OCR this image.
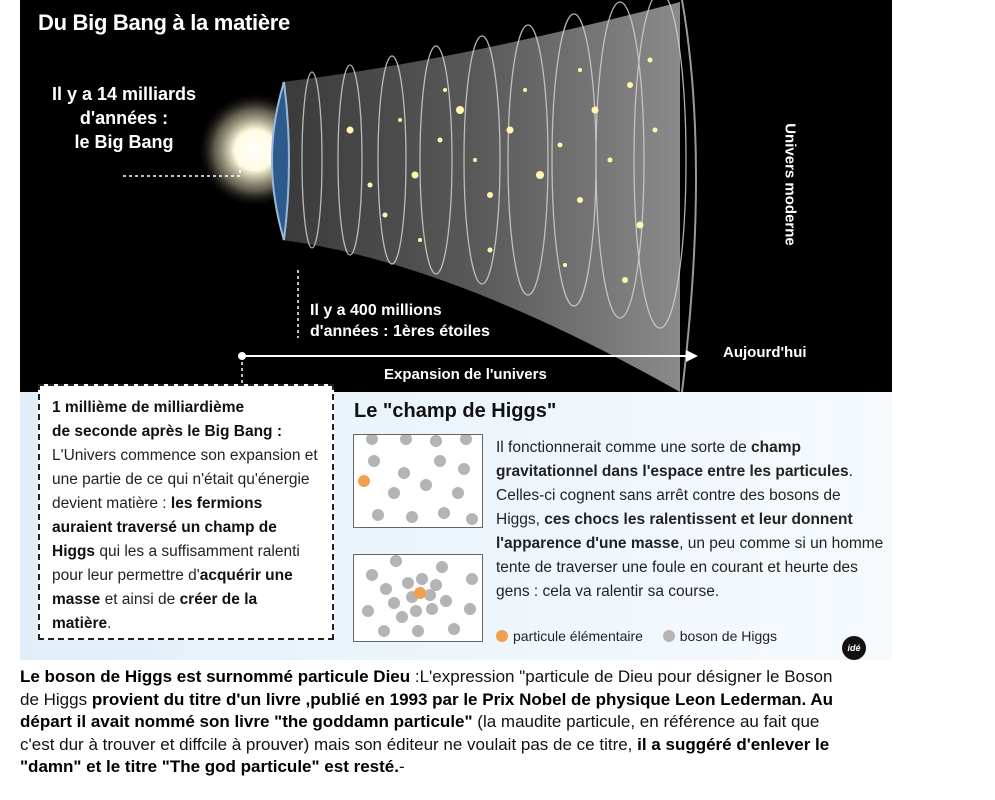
Du Big Bang à la matière
Il y a 14 milliards
d'années :
le Big Bang
Il y a 400 millions
d'années : 1ères étoiles
Univers moderne
Aujourd'hui
Expansion de l'univers
1 millième de milliardième
de seconde après le Big Bang :
L'Univers commence son expansion et une partie de ce qui n'était qu'énergie devient matière : les fermions auraient traversé un champ de Higgs qui les a suffisamment ralenti pour leur permettre d'acquérir une masse et ainsi de créer de la matière.
Le "champ de Higgs"
Il fonctionnerait comme une sorte de champ gravitationnel dans l'espace entre les particules. Celles-ci cognent sans arrêt contre des bosons de Higgs, ces chocs les ralentissent et leur donnent l'apparence d'une masse, un peu comme si un homme tente de traverser une foule en courant et heurte des gens : cela va ralentir sa course.
particule élémentaire	boson de Higgs
idé
Le boson de Higgs est surnommé particule Dieu :L'expression "particule de Dieu pour désigner le Boson de Higgs provient du titre d'un livre ,publié en 1993 par le Prix Nobel de physique Leon Lederman. Au départ il avait nommé son livre "the goddamn particule" (la maudite particule, en référence au fait que c'est dur à trouver et diffcile à prouver) mais son éditeur ne voulait pas de ce titre, il a suggéré d'enlever le "damn" et le titre "The god particule" est resté.-
